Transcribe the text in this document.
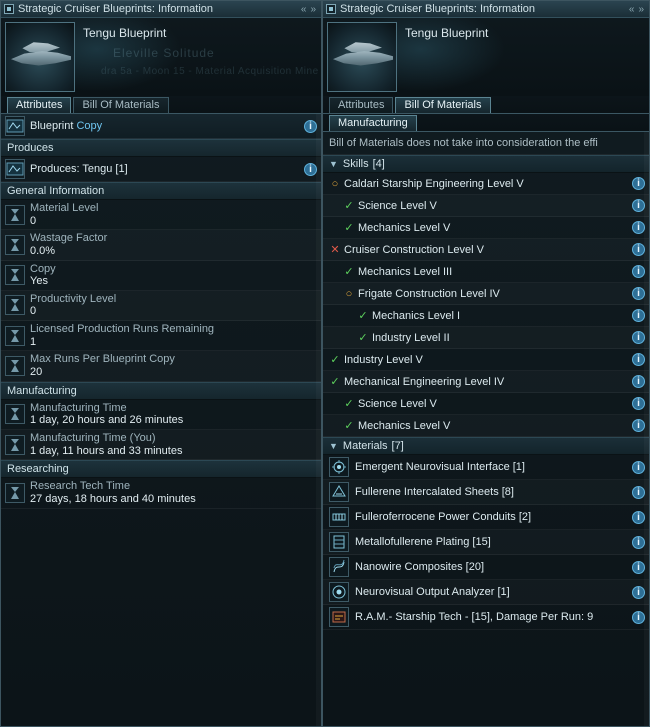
Strategic Cruiser Blueprints: Information	« »
Eleville Solitude
dra 5a - Moon 15 - Material Acquisition Mine
Tengu Blueprint
Attributes	Bill Of Materials
Blueprint Copy	i
Produces
Produces: Tengu [1]	i
General Information
Material Level
0
Wastage Factor
0.0%
Copy
Yes
Productivity Level
0
Licensed Production Runs Remaining
1
Max Runs Per Blueprint Copy
20
Manufacturing
Manufacturing Time
1 day, 20 hours and 26 minutes
Manufacturing Time (You)
1 day, 11 hours and 33 minutes
Researching
Research Tech Time
27 days, 18 hours and 40 minutes
Strategic Cruiser Blueprints: Information	« »
Tengu Blueprint
Attributes	Bill Of Materials
Manufacturing
Bill of Materials does not take into consideration the effi
▼ Skills [4]
○ Caldari Starship Engineering Level V	i
✓ Science Level V	i
✓ Mechanics Level V	i
✕ Cruiser Construction Level V	i
✓ Mechanics Level III	i
○ Frigate Construction Level IV	i
✓ Mechanics Level I	i
✓ Industry Level II	i
✓ Industry Level V	i
✓ Mechanical Engineering Level IV	i
✓ Science Level V	i
✓ Mechanics Level V	i
▼ Materials [7]
Emergent Neurovisual Interface [1]	i
Fullerene Intercalated Sheets [8]	i
Fulleroferrocene Power Conduits [2]	i
Metallofullerene Plating [15]	i
Nanowire Composites [20]	i
Neurovisual Output Analyzer [1]	i
R.A.M.- Starship Tech - [15], Damage Per Run: 9	i
